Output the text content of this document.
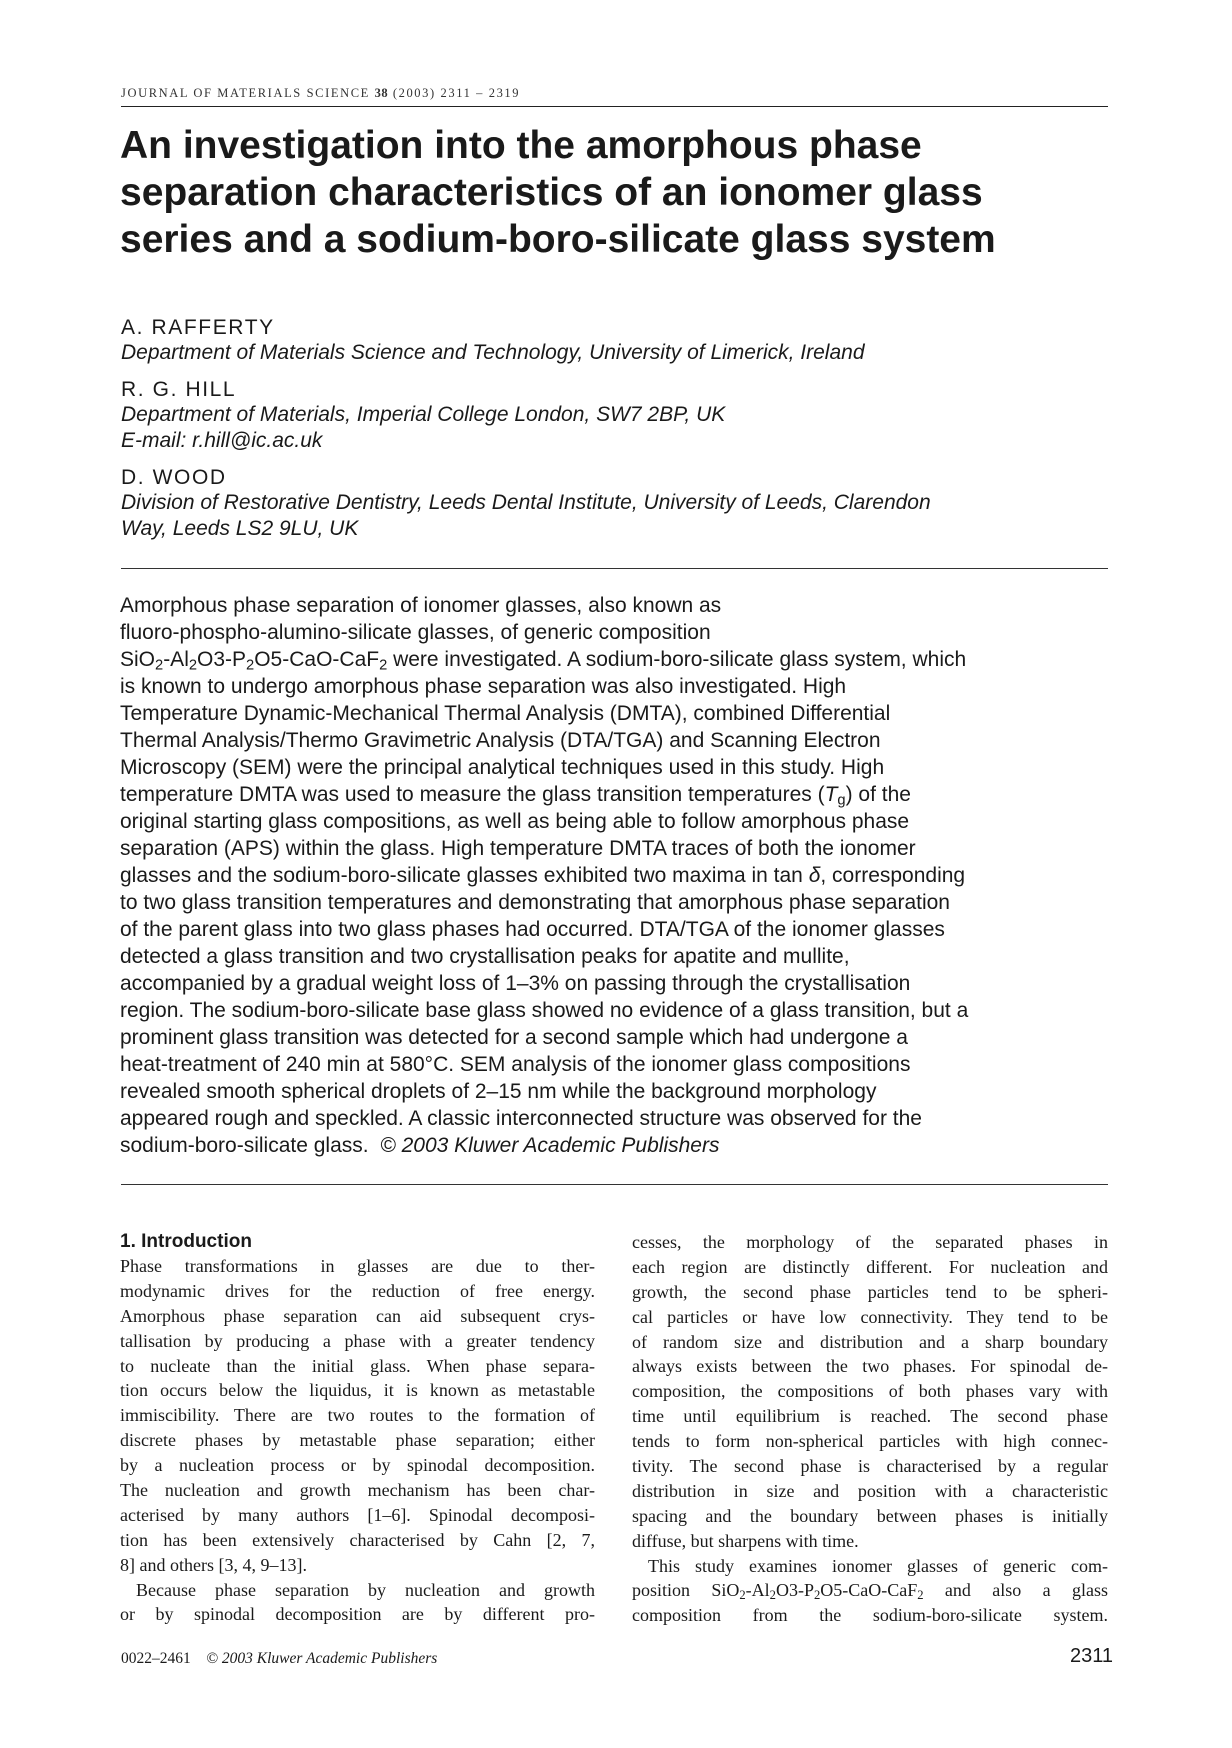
JOURNAL OF MATERIALS SCIENCE 38 (2003) 2311 – 2319
An investigation into the amorphous phase
separation characteristics of an ionomer glass
series and a sodium-boro-silicate glass system
A. RAFFERTY
Department of Materials Science and Technology, University of Limerick, Ireland
R. G. HILL
Department of Materials, Imperial College London, SW7 2BP, UK
E-mail: r.hill@ic.ac.uk
D. WOOD
Division of Restorative Dentistry, Leeds Dental Institute, University of Leeds, Clarendon
Way, Leeds LS2 9LU, UK
Amorphous phase separation of ionomer glasses, also known as
fluoro-phospho-alumino-silicate glasses, of generic composition
$SiO_2-Al_2O3-P_2O5-CaO-CaF_2$ were investigated. A sodium-boro-silicate glass system, which
is known to undergo amorphous phase separation was also investigated. High
Temperature Dynamic-Mechanical Thermal Analysis (DMTA), combined Differential
Thermal Analysis/Thermo Gravimetric Analysis (DTA/TGA) and Scanning Electron
Microscopy (SEM) were the principal analytical techniques used in this study. High
temperature DMTA was used to measure the glass transition temperatures $(T_g)$ of the
original starting glass compositions, as well as being able to follow amorphous phase
separation (APS) within the glass. High temperature DMTA traces of both the ionomer
glasses and the sodium-boro-silicate glasses exhibited two maxima in tan δ, corresponding
to two glass transition temperatures and demonstrating that amorphous phase separation
of the parent glass into two glass phases had occurred. DTA/TGA of the ionomer glasses
detected a glass transition and two crystallisation peaks for apatite and mullite,
accompanied by a gradual weight loss of 1–3% on passing through the crystallisation
region. The sodium-boro-silicate base glass showed no evidence of a glass transition, but a
prominent glass transition was detected for a second sample which had undergone a
heat-treatment of 240 min at 580°C. SEM analysis of the ionomer glass compositions
revealed smooth spherical droplets of 2–15 nm while the background morphology
appeared rough and speckled. A classic interconnected structure was observed for the
sodium-boro-silicate glass. © 2003 Kluwer Academic Publishers

1. Introduction

Phase transformations in glasses are due to ther-
modynamic drives for the reduction of free energy.
Amorphous phase separation can aid subsequent crys-
tallisation by producing a phase with a greater tendency
to nucleate than the initial glass. When phase separa-
tion occurs below the liquidus, it is known as metastable
immiscibility. There are two routes to the formation of
discrete phases by metastable phase separation; either
by a nucleation process or by spinodal decomposition.
The nucleation and growth mechanism has been char-
acterised by many authors [1–6]. Spinodal decomposi-
tion has been extensively characterised by Cahn [2, 7,
8] and others [3, 4, 9–13].
Because phase separation by nucleation and growth
or by spinodal decomposition are by different pro-
cesses, the morphology of the separated phases in
each region are distinctly different. For nucleation and
growth, the second phase particles tend to be spheri-
cal particles or have low connectivity. They tend to be
of random size and distribution and a sharp boundary
always exists between the two phases. For spinodal de-
composition, the compositions of both phases vary with
time until equilibrium is reached. The second phase
tends to form non-spherical particles with high connec-
tivity. The second phase is characterised by a regular
distribution in size and position with a characteristic
spacing and the boundary between phases is initially
diffuse, but sharpens with time.
This study examines ionomer glasses of generic com-
position $SiO_2-Al_2O3-P_2O5-CaO-CaF_2$ and also a glass
composition from the sodium-boro-silicate system.
0022–2461 © 2003 Kluwer Academic Publishers	2311
